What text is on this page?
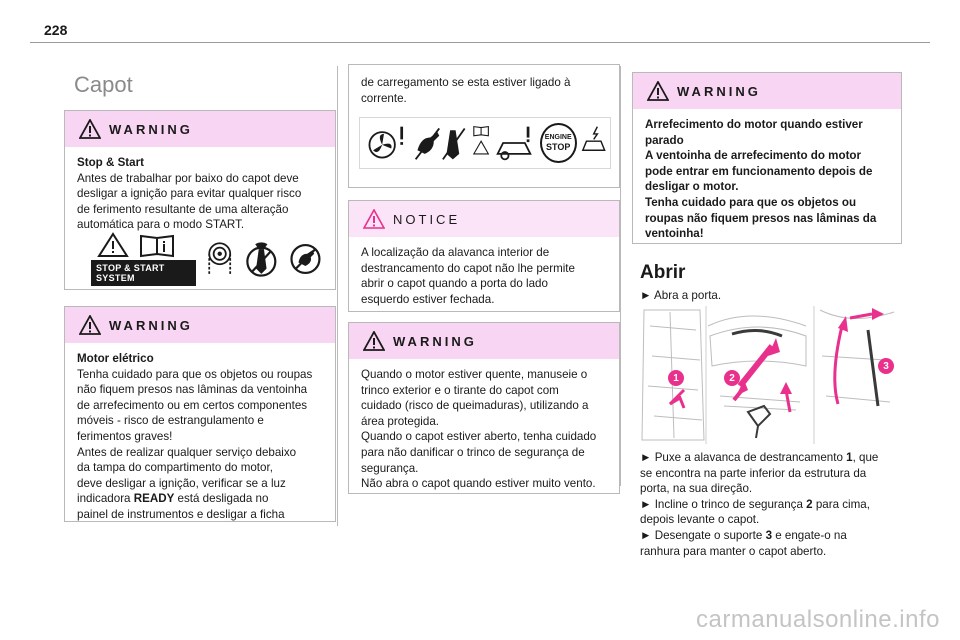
228
Capot
WARNING

Stop & Start

Antes de trabalhar por baixo do capot deve

desligar a ignição para evitar qualquer risco

de ferimento resultante de uma alteração

automática para o modo START.

STOP & START SYSTEM
WARNING

Motor elétrico

Tenha cuidado para que os objetos ou roupas

não fiquem presos nas lâminas da ventoinha

de arrefecimento ou em certos componentes

móveis - risco de estrangulamento e

ferimentos graves!

Antes de realizar qualquer serviço debaixo

da tampa do compartimento do motor,

deve desligar a ignição, verificar se a luz

indicadora READY está desligada no

painel de instrumentos e desligar a ficha

de carregamento se esta estiver ligado à

corrente.

ENGINE
STOP
NOTICE

A localização da alavanca interior de

destrancamento do capot não lhe permite

abrir o capot quando a porta do lado

esquerdo estiver fechada.

WARNING

Quando o motor estiver quente, manuseie o

trinco exterior e o tirante do capot com

cuidado (risco de queimaduras), utilizando a

área protegida.

Quando o capot estiver aberto, tenha cuidado

para não danificar o trinco de segurança de

segurança.

Não abra o capot quando estiver muito vento.

WARNING

Arrefecimento do motor quando estiver

parado

A ventoinha de arrefecimento do motor

pode entrar em funcionamento depois de

desligar o motor.

Tenha cuidado para que os objetos ou

roupas não fiquem presos nas lâminas da

ventoinha!

Abrir
► Abra a porta.
1	2
3

► Puxe a alavanca de destrancamento 1, que

se encontra na parte inferior da estrutura da

porta, na sua direção.

► Incline o trinco de segurança 2 para cima,

depois levante o capot.

► Desengate o suporte 3 e engate-o na

ranhura para manter o capot aberto.

carmanualsonline.info
